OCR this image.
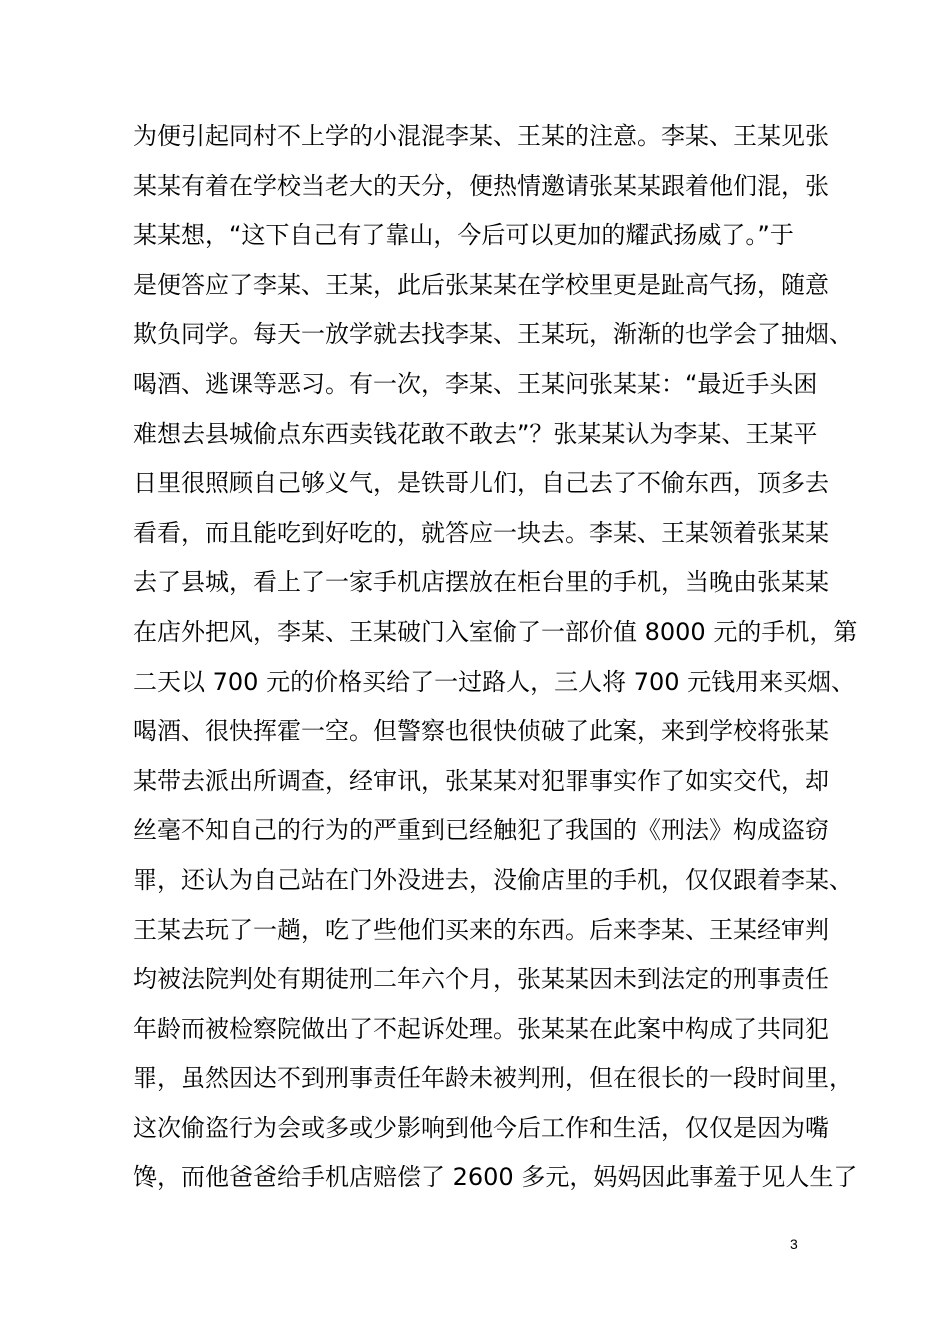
为便引起同村不上学的小混混李某、王某的注意。李某、王某见张
某某有着在学校当老大的天分，便热情邀请张某某跟着他们混，张
某某想，“这下自己有了靠山，今后可以更加的耀武扬威了。”于
是便答应了李某、王某，此后张某某在学校里更是趾高气扬，随意
欺负同学。每天一放学就去找李某、王某玩，渐渐的也学会了抽烟、
喝酒、逃课等恶习。有一次，李某、王某问张某某：“最近手头困
难想去县城偷点东西卖钱花敢不敢去”？张某某认为李某、王某平
日里很照顾自己够义气，是铁哥儿们，自己去了不偷东西，顶多去
看看，而且能吃到好吃的，就答应一块去。李某、王某领着张某某
去了县城，看上了一家手机店摆放在柜台里的手机，当晚由张某某
在店外把风，李某、王某破门入室偷了一部价值 8000 元的手机，第
二天以 700 元的价格买给了一过路人，三人将 700 元钱用来买烟、
喝酒、很快挥霍一空。但警察也很快侦破了此案，来到学校将张某
某带去派出所调查，经审讯，张某某对犯罪事实作了如实交代，却
丝毫不知自己的行为的严重到已经触犯了我国的《刑法》构成盗窃
罪，还认为自己站在门外没进去，没偷店里的手机，仅仅跟着李某、
王某去玩了一趟，吃了些他们买来的东西。后来李某、王某经审判
均被法院判处有期徒刑二年六个月，张某某因未到法定的刑事责任
年龄而被检察院做出了不起诉处理。张某某在此案中构成了共同犯
罪，虽然因达不到刑事责任年龄未被判刑，但在很长的一段时间里，
这次偷盗行为会或多或少影响到他今后工作和生活，仅仅是因为嘴
馋，而他爸爸给手机店赔偿了 2600 多元，妈妈因此事羞于见人生了
3
